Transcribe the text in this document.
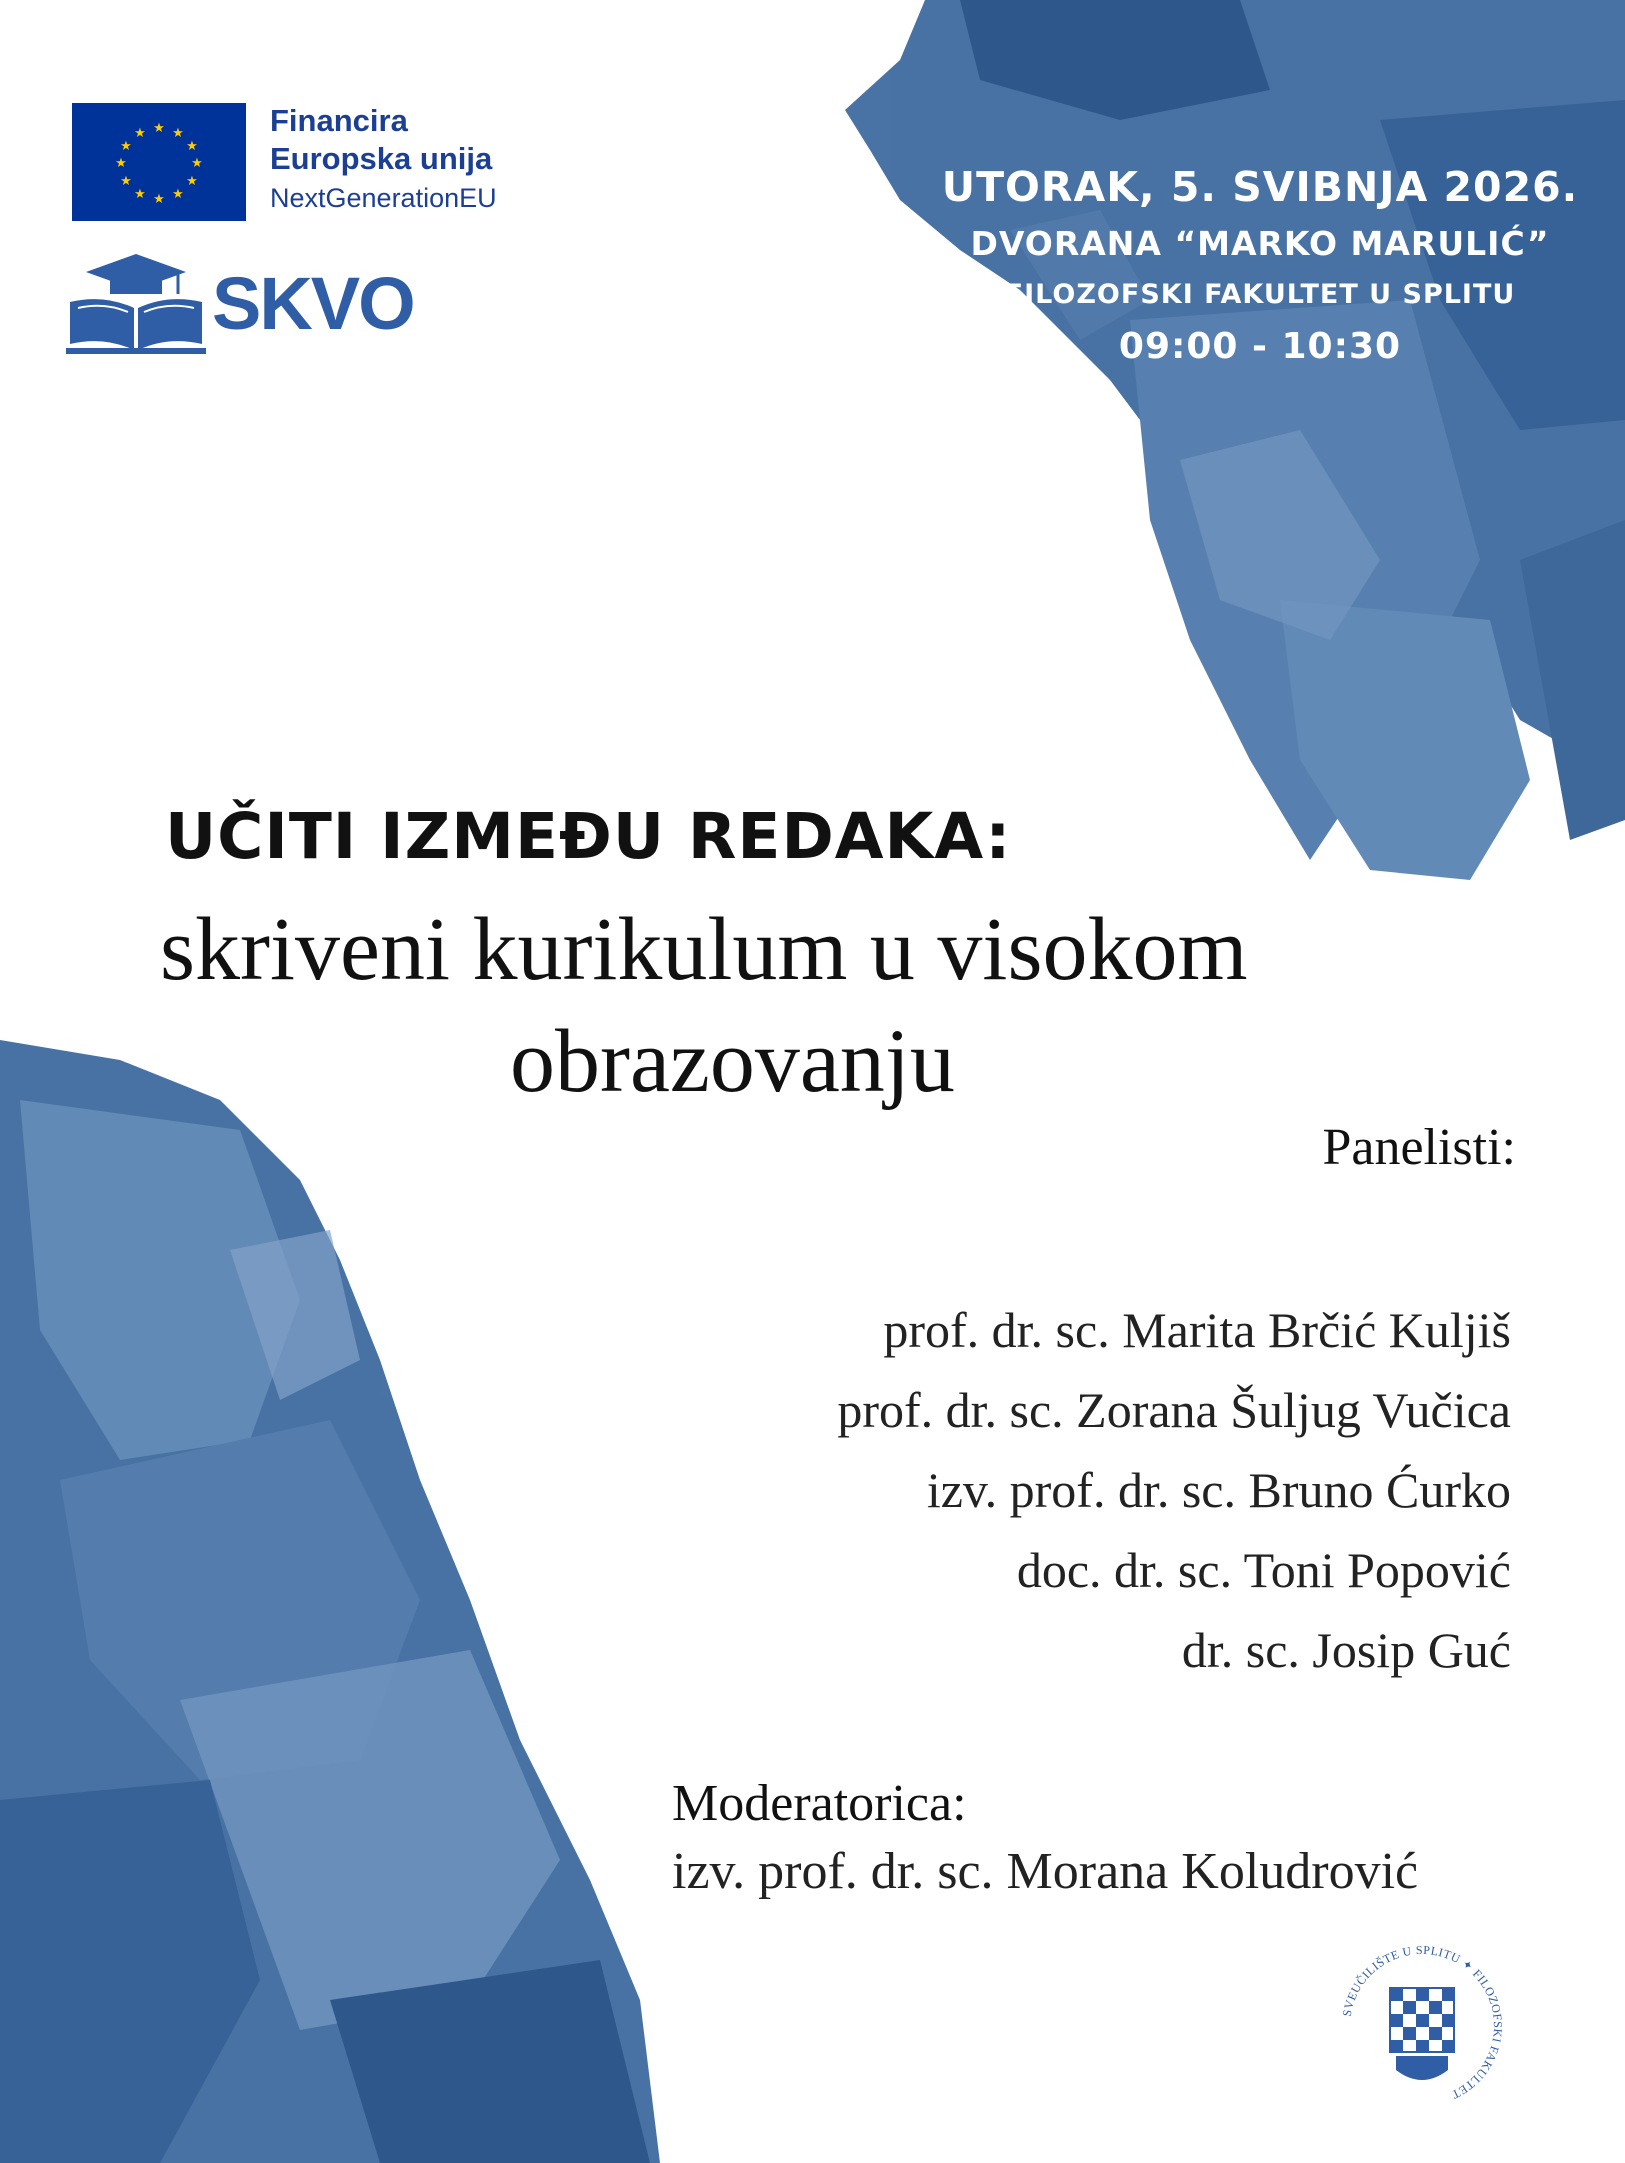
★ ★
★
★
★
★
★
★
★
★
★
★	Financira
Europska unija
NextGenerationEU
SKVO
UTORAK, 5. SVIBNJA 2026.
DVORANA “MARKO MARULIĆ”
FILOZOFSKI FAKULTET U SPLITU
09:00 - 10:30
UČITI IZMEĐU REDAKA:
skriveni kurikulum u visokom
obrazovanju
Panelisti:
prof. dr. sc. Marita Brčić Kuljiš
prof. dr. sc. Zorana Šuljug Vučica
izv. prof. dr. sc. Bruno Ćurko
doc. dr. sc. Toni Popović
dr. sc. Josip Guć
Moderatorica:
izv. prof. dr. sc. Morana Koludrović
SVEUČILIŠTE U SPLITU ✦ FILOZOFSKI FAKULTET
